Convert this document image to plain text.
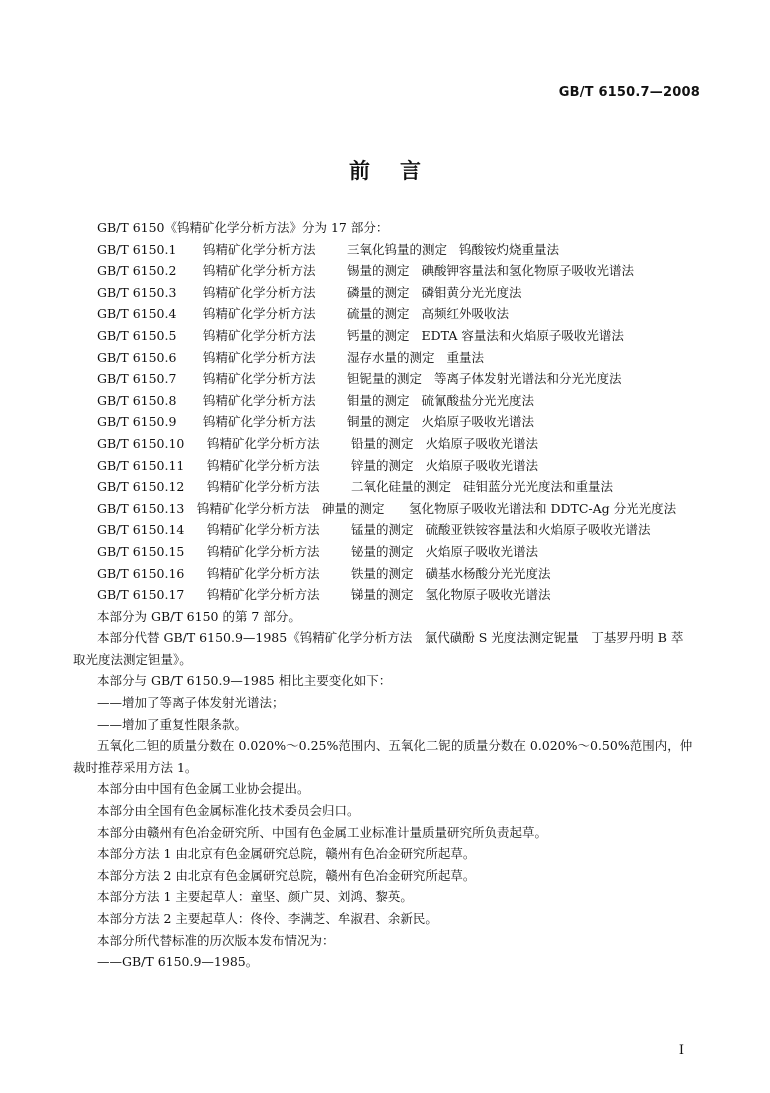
GB/T 6150.7—2008
前言

GB/T 6150《钨精矿化学分析方法》分为 17 部分：

GB/T 6150.1 钨精矿化学分析方法	三氧化钨量的测定 钨酸铵灼烧重量法
GB/T 6150.2 钨精矿化学分析方法	锡量的测定 碘酸钾容量法和氢化物原子吸收光谱法
GB/T 6150.3 钨精矿化学分析方法	磷量的测定 磷钼黄分光光度法
GB/T 6150.4 钨精矿化学分析方法	硫量的测定 高频红外吸收法
GB/T 6150.5 钨精矿化学分析方法	钙量的测定 EDTA 容量法和火焰原子吸收光谱法
GB/T 6150.6 钨精矿化学分析方法	湿存水量的测定 重量法
GB/T 6150.7 钨精矿化学分析方法	钽铌量的测定 等离子体发射光谱法和分光光度法
GB/T 6150.8 钨精矿化学分析方法	钼量的测定 硫氰酸盐分光光度法
GB/T 6150.9 钨精矿化学分析方法	铜量的测定 火焰原子吸收光谱法
GB/T 6150.10 钨精矿化学分析方法	铅量的测定 火焰原子吸收光谱法
GB/T 6150.11 钨精矿化学分析方法	锌量的测定 火焰原子吸收光谱法
GB/T 6150.12 钨精矿化学分析方法	二氧化硅量的测定 硅钼蓝分光光度法和重量法
GB/T 6150.13　 钨精矿化学分析方法　 砷量的测定　 氢化物原子吸收光谱法和 DDTC-Ag 分光光度法
GB/T 6150.14 钨精矿化学分析方法	锰量的测定 硫酸亚铁铵容量法和火焰原子吸收光谱法
GB/T 6150.15 钨精矿化学分析方法	铋量的测定 火焰原子吸收光谱法
GB/T 6150.16 钨精矿化学分析方法	铁量的测定 磺基水杨酸分光光度法
GB/T 6150.17 钨精矿化学分析方法	锑量的测定 氢化物原子吸收光谱法

本部分为 GB/T 6150 的第 7 部分。

本部分代替 GB/T 6150.9—1985《钨精矿化学分析方法　氯代磺酚 S 光度法测定铌量　丁基罗丹明 B 萃取光度法测定钽量》。

本部分与 GB/T 6150.9—1985 相比主要变化如下：

——增加了等离子体发射光谱法；

——增加了重复性限条款。

五氧化二钽的质量分数在 0.020%～0.25%范围内、五氧化二铌的质量分数在 0.020%～0.50%范围内，仲裁时推荐采用方法 1。

本部分由中国有色金属工业协会提出。

本部分由全国有色金属标准化技术委员会归口。

本部分由赣州有色冶金研究所、中国有色金属工业标准计量质量研究所负责起草。

本部分方法 1 由北京有色金属研究总院，赣州有色冶金研究所起草。

本部分方法 2 由北京有色金属研究总院，赣州有色冶金研究所起草。

本部分方法 1 主要起草人：童坚、颜广炅、刘鸿、黎英。

本部分方法 2 主要起草人：佟伶、李满芝、牟淑君、余新民。

本部分所代替标准的历次版本发布情况为：

——GB/T 6150.9—1985。

I
